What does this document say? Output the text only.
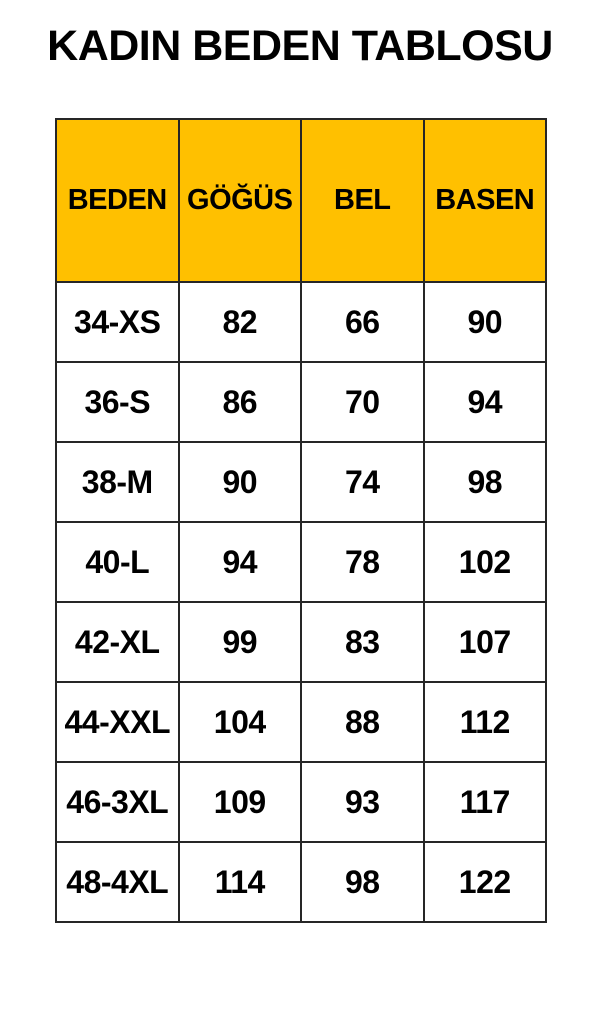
KADIN BEDEN TABLOSU
BEDEN	GÖĞÜS	BEL	BASEN
34-XS	82	66	90
36-S	86	70	94
38-M	90	74	98
40-L	94	78	102
42-XL	99	83	107
44-XXL	104	88	112
46-3XL	109	93	117
48-4XL	114	98	122
